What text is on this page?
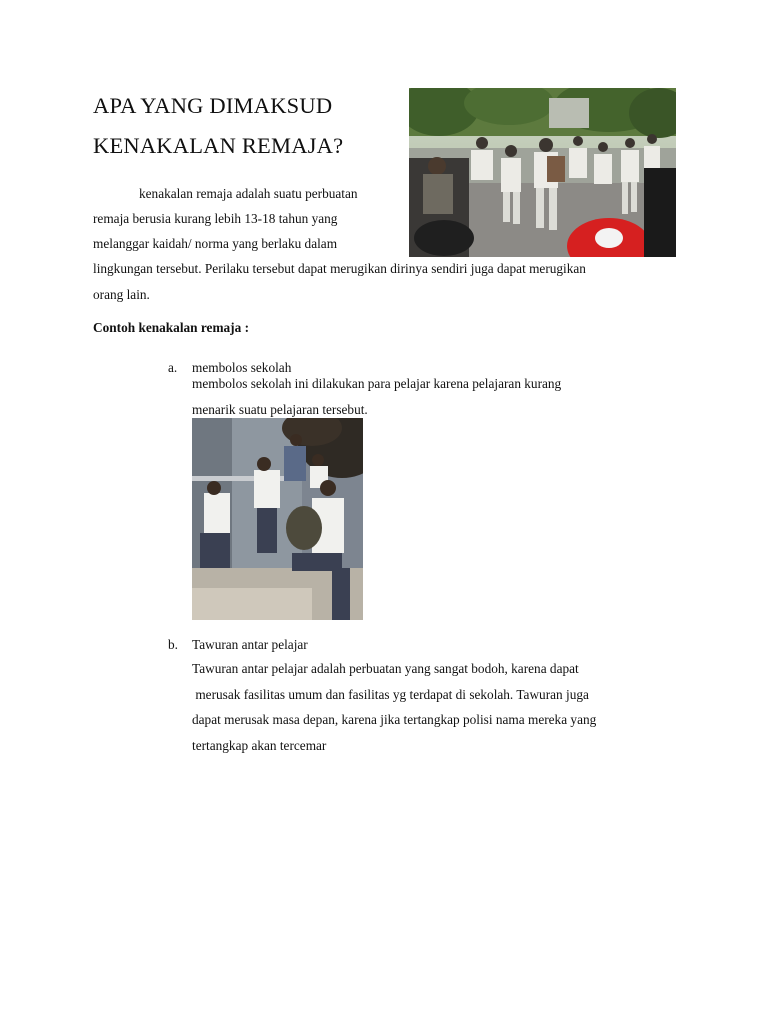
APA YANG DIMAKSUD
KENAKALAN REMAJA?
kenakalan remaja adalah suatu perbuatan
remaja berusia kurang lebih 13-18 tahun yang
melanggar kaidah/ norma yang berlaku dalam
lingkungan tersebut. Perilaku tersebut dapat merugikan dirinya sendiri juga dapat merugikan
orang lain.
Contoh kenakalan remaja :
a. membolos sekolah
membolos sekolah ini dilakukan para pelajar karena pelajaran kurang
menarik suatu pelajaran tersebut.
b. Tawuran antar pelajar
Tawuran antar pelajar adalah perbuatan yang sangat bodoh, karena dapat
merusak fasilitas umum dan fasilitas yg terdapat di sekolah. Tawuran juga
dapat merusak masa depan, karena jika tertangkap polisi nama mereka yang
tertangkap akan tercemar
